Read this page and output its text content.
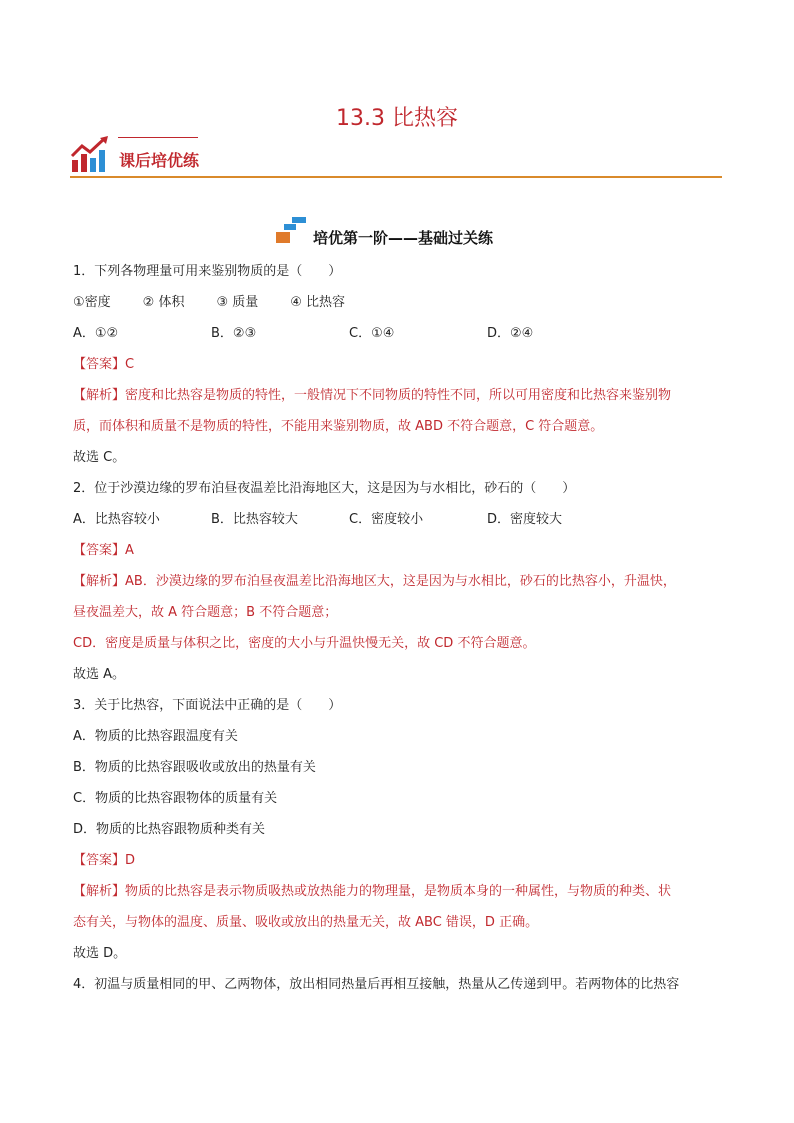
13.3 比热容
课后培优练
培优第一阶——基础过关练
1．下列各物理量可用来鉴别物质的是（　　）
①密度 ② 体积 ③ 质量 ④ 比热容
A．①②	B．②③	C．①④	D．②④
【答案】C
【解析】密度和比热容是物质的特性，一般情况下不同物质的特性不同，所以可用密度和比热容来鉴别物
质，而体积和质量不是物质的特性，不能用来鉴别物质，故 ABD 不符合题意，C 符合题意。
故选 C。
2．位于沙漠边缘的罗布泊昼夜温差比沿海地区大，这是因为与水相比，砂石的（　　）
A．比热容较小	B．比热容较大	C．密度较小	D．密度较大
【答案】A
【解析】AB．沙漠边缘的罗布泊昼夜温差比沿海地区大，这是因为与水相比，砂石的比热容小，升温快，
昼夜温差大，故 A 符合题意；B 不符合题意；
CD．密度是质量与体积之比，密度的大小与升温快慢无关，故 CD 不符合题意。
故选 A。
3．关于比热容，下面说法中正确的是（　　）
A．物质的比热容跟温度有关
B．物质的比热容跟吸收或放出的热量有关
C．物质的比热容跟物体的质量有关
D．物质的比热容跟物质种类有关
【答案】D
【解析】物质的比热容是表示物质吸热或放热能力的物理量，是物质本身的一种属性，与物质的种类、状
态有关，与物体的温度、质量、吸收或放出的热量无关，故 ABC 错误，D 正确。
故选 D。
4．初温与质量相同的甲、乙两物体，放出相同热量后再相互接触，热量从乙传递到甲。若两物体的比热容
